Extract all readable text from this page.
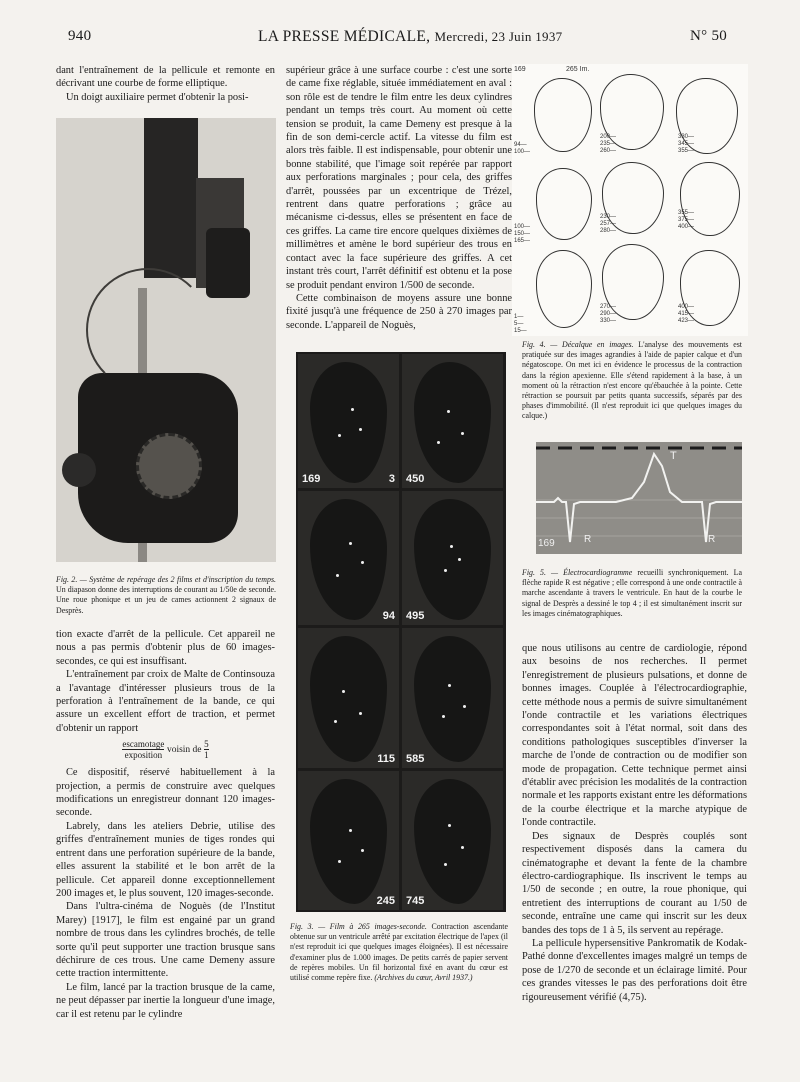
940	LA PRESSE MÉDICALE, Mercredi, 23 Juin 1937	N° 50

dant l'entraînement de la pellicule et remonte en décrivant une courbe de forme elliptique.

Un doigt auxiliaire permet d'obtenir la posi-

Fig. 2. — Système de repérage des 2 films et d'inscription du temps. Un diapason donne des interruptions de courant au 1/50e de seconde. Une roue phonique et un jeu de cames actionnent 2 signaux de Desprès.

tion exacte d'arrêt de la pellicule. Cet appareil ne nous a pas permis d'obtenir plus de 60 images-secondes, ce qui est insuffisant.

L'entraînement par croix de Malte de Continsouza a l'avantage d'intéresser plusieurs trous de la perforation à l'entraînement de la bande, ce qui assure un excellent effort de traction, et permet d'obtenir un rapport

$\frac{\text{escamotage}}{\text{exposition}}$ voisin de $\frac{5}{1}$

Ce dispositif, réservé habituellement à la projection, a permis de construire avec quelques modifications un enregistreur donnant 120 images-seconde.

Labrely, dans les ateliers Debrie, utilise des griffes d'entraînement munies de tiges rondes qui entrent dans une perforation supérieure de la bande, elles assurent la stabilité et le bon arrêt de la pellicule. Cet appareil donne exceptionnellement 200 images et, le plus souvent, 120 images-seconde.

Dans l'ultra-cinéma de Noguès (de l'Institut Marey) [1917], le film est engainé par un grand nombre de trous dans les cylindres brochés, de telle sorte qu'il peut supporter une traction brusque sans déchirure de ces trous. Une came Demeny assure cette traction intermittente.

Le film, lancé par la traction brusque de la came, ne peut dépasser par inertie la longueur d'une image, car il est retenu par le cylindre

supérieur grâce à une surface courbe : c'est une sorte de came fixe réglable, située immédiatement en aval : son rôle est de tendre le film entre les deux cylindres pendant un temps très court. Au moment où cette tension se produit, la came Demeny est presque à la fin de son demi-cercle actif. La vitesse du film est alors très faible. Il est indispensable, pour obtenir une bonne stabilité, que l'image soit repérée par rapport aux perforations marginales ; pour cela, des griffes d'arrêt, poussées par un excentrique de Trézel, rentrent dans quatre perforations ; grâce au mécanisme ci-dessus, elles se présentent en face de ces griffes. La came tire encore quelques dixièmes de millimètres et amène le bord supérieur des trous en contact avec la face supérieure des griffes. A cet instant très court, l'arrêt définitif est obtenu et la pose se produit pendant environ 1/500 de seconde.

Cette combinaison de moyens assure une bonne fixité jusqu'à une fréquence de 250 à 270 images par seconde. L'appareil de Noguès,

169	3 450
94 495
115 585
245 745
Fig. 3. — Film à 265 images-seconde. Contraction ascendante obtenue sur un ventricule arrêté par excitation électrique de l'apex (il n'est reproduit ici que quelques images éloignées). Il est nécessaire d'examiner plus de 1.000 images. De petits carrés de papier servent de repères mobiles. Un fil horizontal fixé en avant du cœur est utilisé comme repère fixe. (Archives du cœur, Avril 1937.)
169	265 Im.
94—
100—
200—
235—
260—
330—
345—
355—
100—
150—
165—
230—
257—
280—
355—
375—
400—
1—
5—
15—
270—
290—
330—
400—
415—
423—
Fig. 4. — Décalque en images. L'analyse des mouvements est pratiquée sur des images agrandies à l'aide de papier calque et d'un négatoscope. On met ici en évidence le processus de la contraction dans la région apexienne. Elle s'étend rapidement à la base, à un moment où la rétraction n'est encore qu'ébauchée à la pointe. Cette rétraction se poursuit par petits quanta successifs, séparés par des phases d'immobilité. (Il n'est reproduit ici que quelques images du calque.)
T
R	R
169
Fig. 5. — Électrocardiogramme recueilli synchroniquement. La flèche rapide R est négative ; elle correspond à une onde contractile à marche ascendante à travers le ventricule. En haut de la courbe le signal de Desprès a dessiné le top 4 ; il est simultanément inscrit sur les images cinématographiques.

que nous utilisons au centre de cardiologie, répond aux besoins de nos recherches. Il permet l'enregistrement de plusieurs pulsations, et donne de bonnes images. Couplée à l'électrocardiographie, cette méthode nous a permis de suivre simultanément l'onde contractile et les variations électriques correspondantes soit à l'état normal, soit dans des conditions pathologiques susceptibles d'inverser la marche de l'onde de contraction ou de modifier son mode de propagation. Cette technique permet ainsi d'établir avec précision les modalités de la contraction normale et les rapports existant entre les déformations de la courbe électrique et la marche atypique de l'onde contractile.

Des signaux de Desprès couplés sont respectivement disposés dans la camera du cinématographe et devant la fente de la chambre électro-cardiographique. Ils inscrivent le temps au 1/50 de seconde ; en outre, la roue phonique, qui entretient des interruptions de courant au 1/50 de seconde, entraîne une came qui inscrit sur les deux bandes des tops de 1 à 5, ils servent au repérage.

La pellicule hypersensitive Pankromatik de Kodak-Pathé donne d'excellentes images malgré un temps de pose de 1/270 de seconde et un éclairage limité. Pour ces grandes vitesses le pas des perforations doit être rigoureusement vérifié (4,75).
